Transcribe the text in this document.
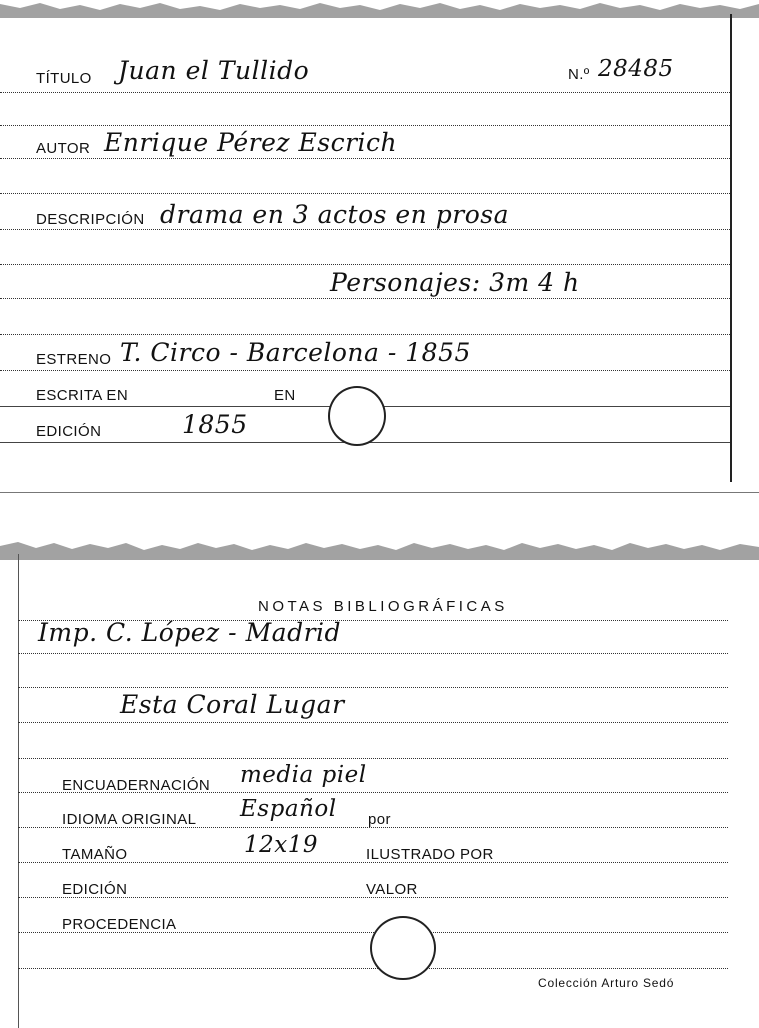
TÍTULO Juan el Tullido	N.º 28485
AUTOR Enrique Pérez Escrich
DESCRIPCIÓN drama en 3 actos en prosa
Personajes: 3m 4 h
ESTRENO T. Circo - Barcelona - 1855
ESCRITA EN	EN
EDICIÓN	1855
NOTAS BIBLIOGRÁFICAS
Imp. C. López - Madrid
Esta Coral Lugar
ENCUADERNACIÓN media piel
IDIOMA ORIGINAL Español por
TAMAÑO	12x19	ILUSTRADO POR
EDICIÓN	VALOR
PROCEDENCIA
Colección Arturo Sedó
